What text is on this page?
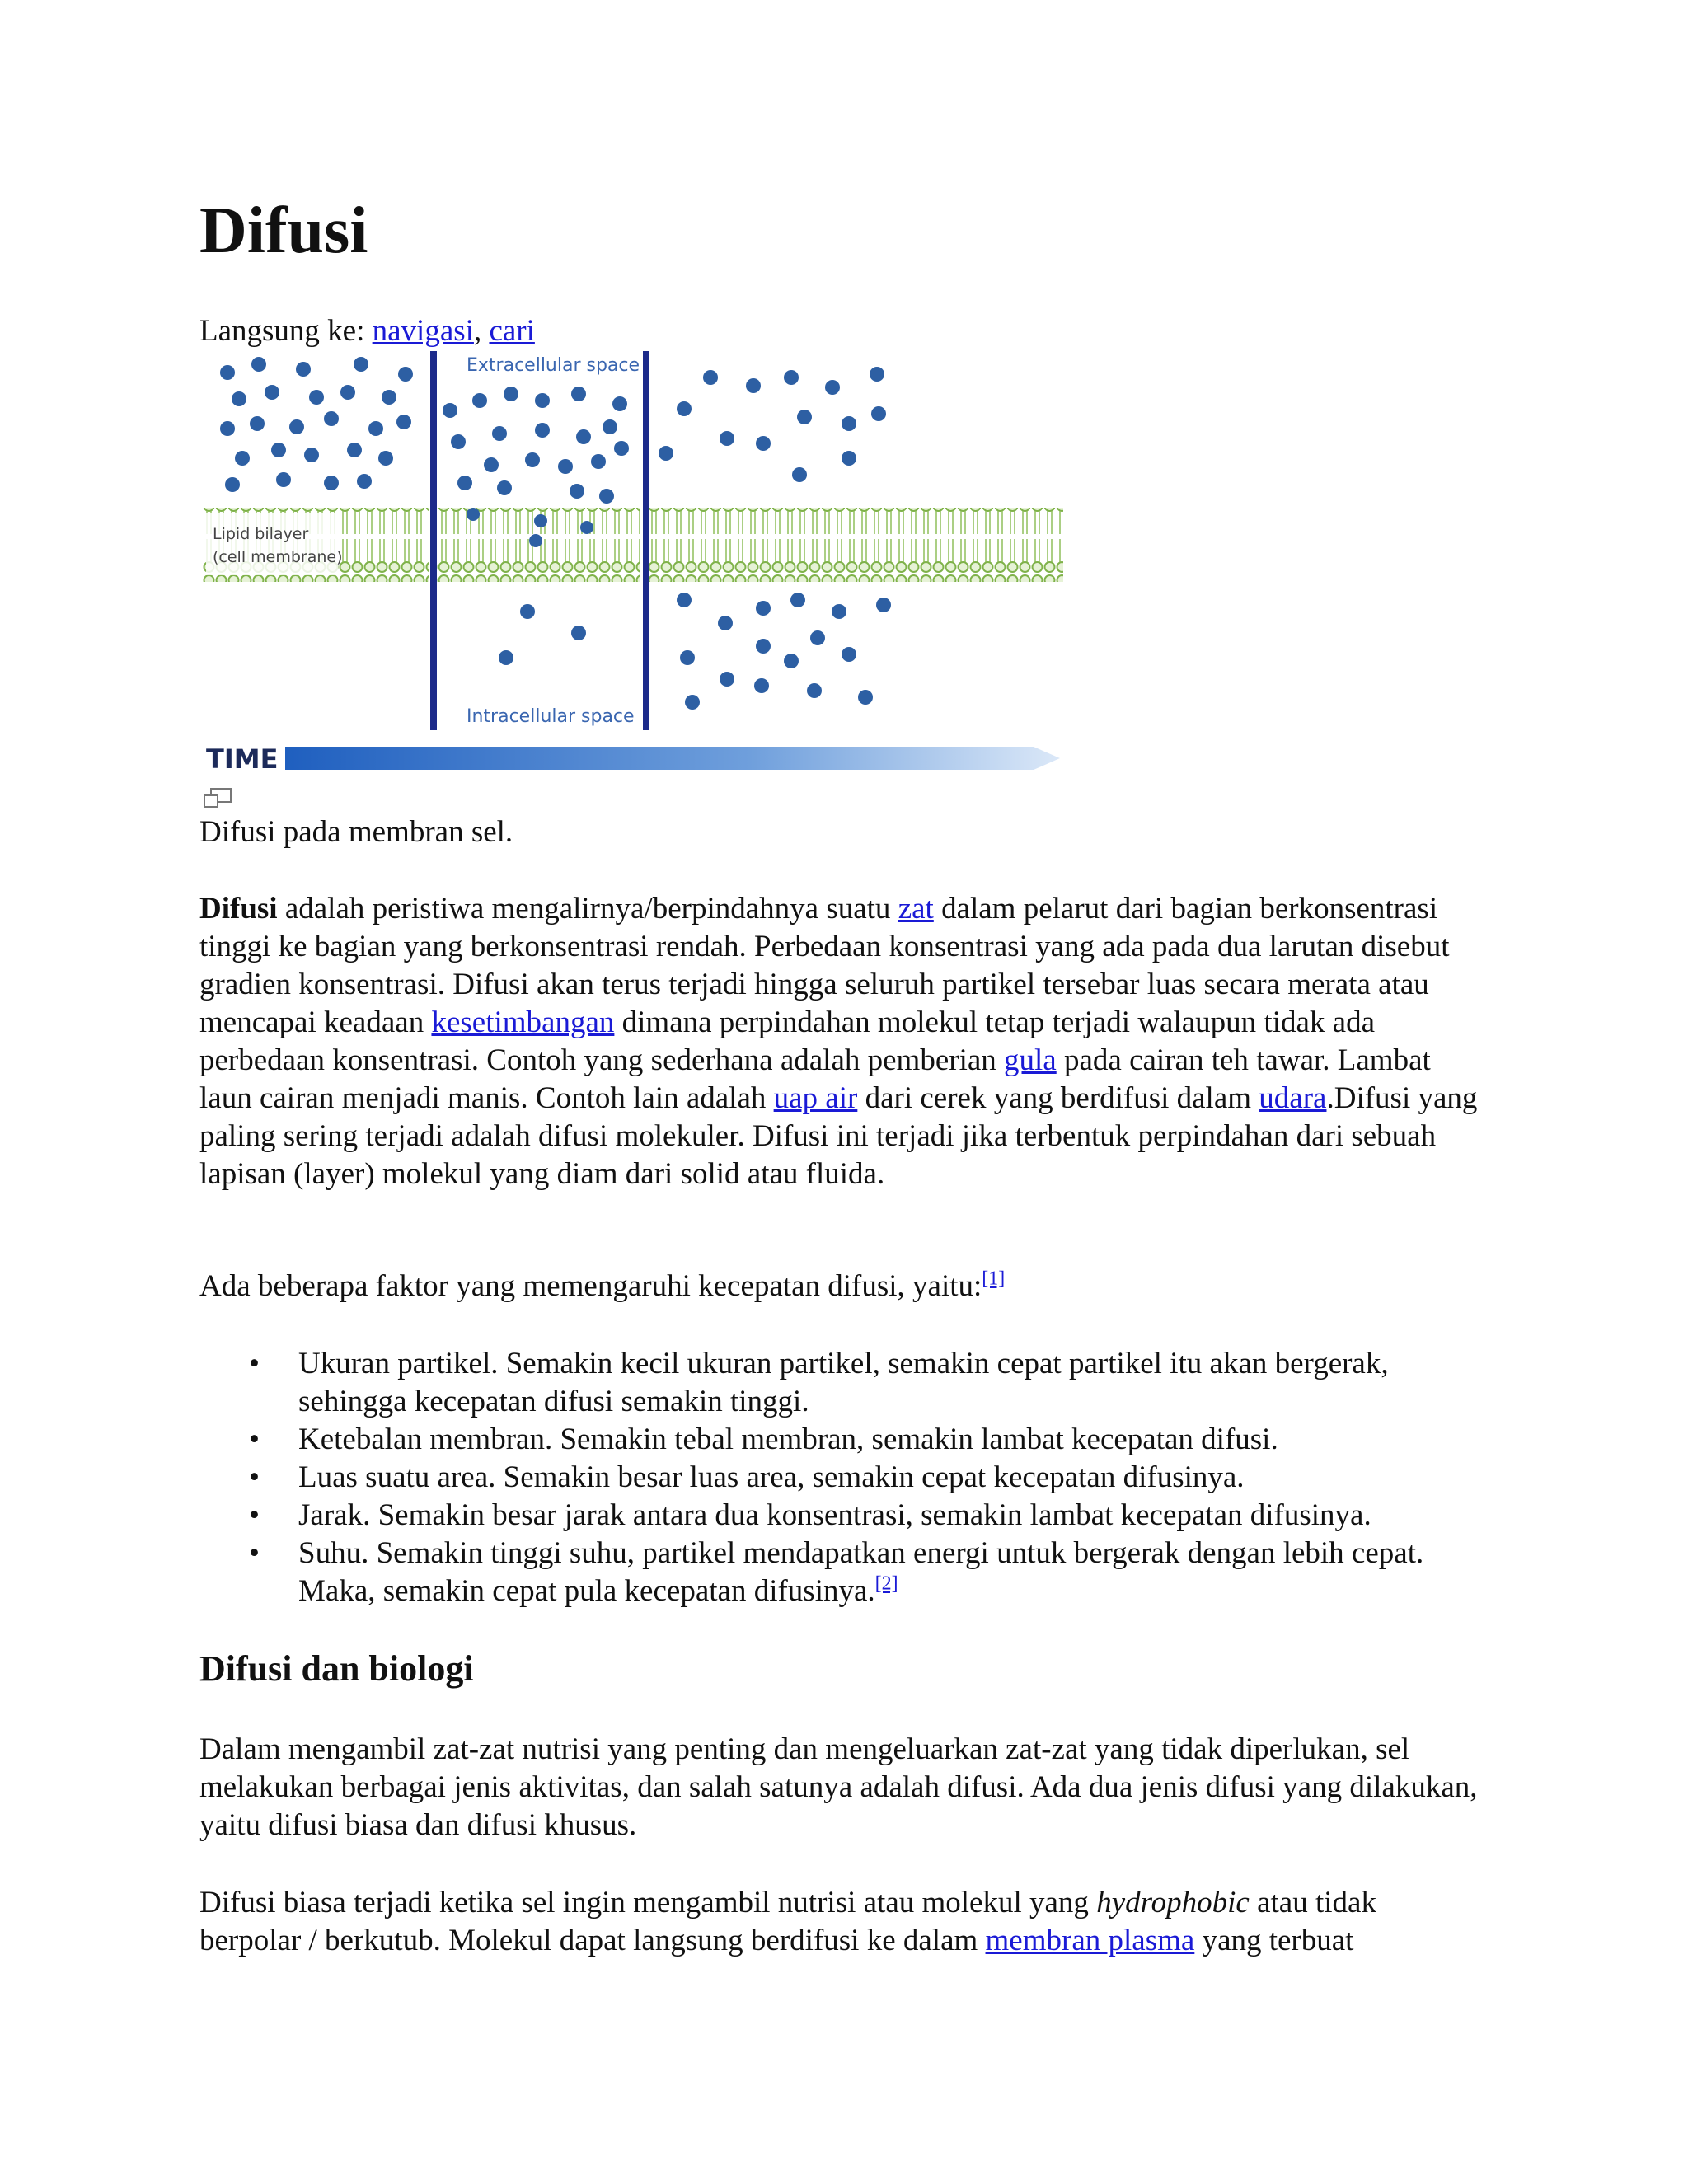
Difusi

Langsung ke: navigasi, cari

Lipid bilayer
(cell membrane)
Extracellular space
Intracellular space
TIME

Difusi pada membran sel.

Difusi adalah peristiwa mengalirnya/berpindahnya suatu zat dalam pelarut dari bagian berkonsentrasi tinggi ke bagian yang berkonsentrasi rendah. Perbedaan konsentrasi yang ada pada dua larutan disebut gradien konsentrasi. Difusi akan terus terjadi hingga seluruh partikel tersebar luas secara merata atau mencapai keadaan kesetimbangan dimana perpindahan molekul tetap terjadi walaupun tidak ada perbedaan konsentrasi. Contoh yang sederhana adalah pemberian gula pada cairan teh tawar. Lambat laun cairan menjadi manis. Contoh lain adalah uap air dari cerek yang berdifusi dalam udara.Difusi yang paling sering terjadi adalah difusi molekuler. Difusi ini terjadi jika terbentuk perpindahan dari sebuah lapisan (layer) molekul yang diam dari solid atau fluida.

Ada beberapa faktor yang memengaruhi kecepatan difusi, yaitu:[1]

• Ukuran partikel. Semakin kecil ukuran partikel, semakin cepat partikel itu akan bergerak, sehingga kecepatan difusi semakin tinggi.
• Ketebalan membran. Semakin tebal membran, semakin lambat kecepatan difusi.
• Luas suatu area. Semakin besar luas area, semakin cepat kecepatan difusinya.
• Jarak. Semakin besar jarak antara dua konsentrasi, semakin lambat kecepatan difusinya.
• Suhu. Semakin tinggi suhu, partikel mendapatkan energi untuk bergerak dengan lebih cepat. Maka, semakin cepat pula kecepatan difusinya.[2]
Difusi dan biologi

Dalam mengambil zat-zat nutrisi yang penting dan mengeluarkan zat-zat yang tidak diperlukan, sel melakukan berbagai jenis aktivitas, dan salah satunya adalah difusi. Ada dua jenis difusi yang dilakukan, yaitu difusi biasa dan difusi khusus.

Difusi biasa terjadi ketika sel ingin mengambil nutrisi atau molekul yang hydrophobic atau tidak berpolar / berkutub. Molekul dapat langsung berdifusi ke dalam membran plasma yang terbuat
